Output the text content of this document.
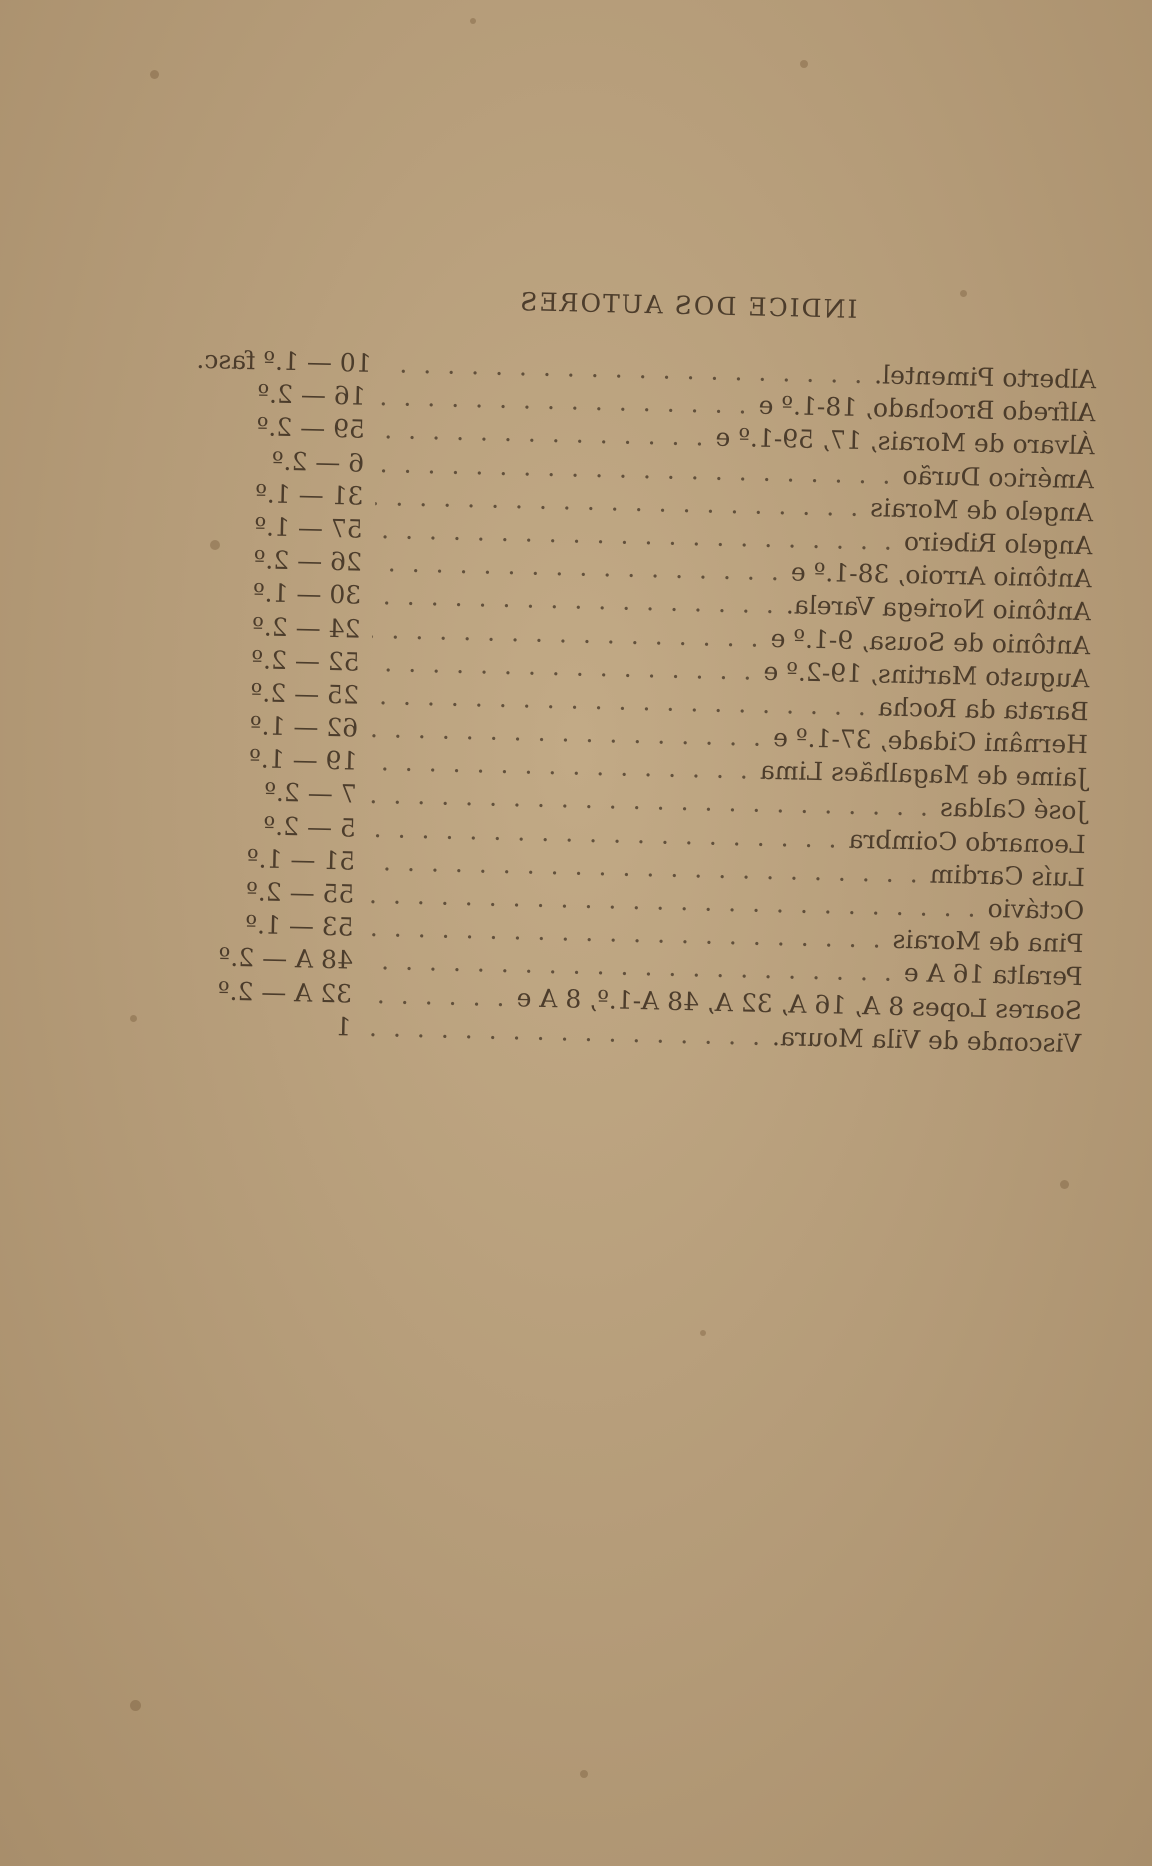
INDICE DOS AUTORES
Alberto Pimentel.
.....
10 — 1.º fasc.
Alfredo Brochado, 18-1.º e
.....
16 — 2.º
Álvaro de Morais, 17, 59-1.º e
.....
59 — 2.º
Américo Durão
.....
6 — 2.º
Angelo de Morais
.....
31 — 1.º
Angelo Ribeiro
.....
57 — 1.º
Antônio Arroio, 38-1.º e
.....
26 — 2.º
Antônio Noriega Varela.
.....
30 — 1.º
Antônio de Sousa, 9-1.º e
.....
24 — 2.º
Augusto Martins, 19-2.º e
.....
52 — 2.º
Barata da Rocha
.....
25 — 2.º
Hernâni Cidade, 37-1.º e
.....
62 — 1.º
Jaime de Magalhães Lima
.....
19 — 1.º
José Caldas
.....
7 — 2.º
Leonardo Coimbra
.....
5 — 2.º
Luís Cardim
.....
51 — 1.º
Octávio
.....
55 — 2.º
Pina de Morais
.....
53 — 1.º
Peralta 16 A e
.....
48 A — 2.º
Soares Lopes 8 A, 16 A, 32 A, 48 A-1.º, 8 A e
.....
32 A — 2.º
Visconde de Vila Moura.
.....
1
